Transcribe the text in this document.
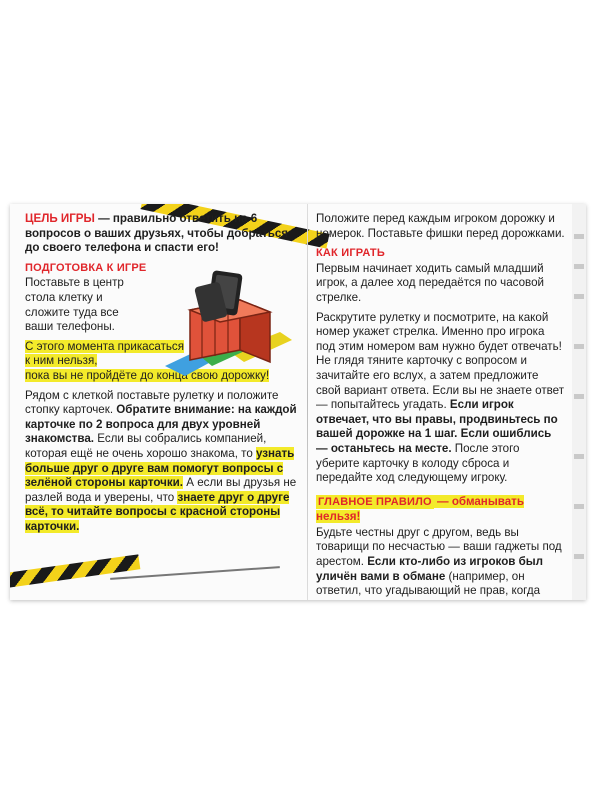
ЦЕЛЬ ИГРЫ — правильно ответить на 6 вопросов о ваших друзьях, чтобы добраться до своего телефона и спасти его!

ПОДГОТОВКА К ИГРЕ

Поставьте в центр стола клетку и сложите туда все ваши телефоны.

С этого момента прикасаться
к ним нельзя,
пока вы не пройдёте до конца свою дорожку!

Рядом с клеткой поставьте рулетку и положите стопку карточек. Обратите внимание: на каждой карточке по 2 вопроса для двух уровней знакомства. Если вы собрались компанией, которая ещё не очень хорошо знакома, то узнать больше друг о друге вам помогут вопросы с зелёной стороны карточки. А если вы друзья не разлей вода и уверены, что знаете друг о друге всё, то читайте вопросы с красной стороны карточки.

Положите перед каждым игроком дорожку и номерок. Поставьте фишки перед дорожками.

КАК ИГРАТЬ

Первым начинает ходить самый младший игрок, а далее ход передаётся по часовой стрелке.

Раскрутите рулетку и посмотрите, на какой номер укажет стрелка. Именно про игрока под этим номером вам нужно будет отвечать! Не глядя тяните карточку с вопросом и зачитайте его вслух, а затем предложите свой вариант ответа. Если вы не знаете ответ — попытайтесь угадать. Если игрок отвечает, что вы правы, продвиньтесь по вашей дорожке на 1 шаг. Если ошиблись — останьтесь на месте. После этого уберите карточку в колоду сброса и передайте ход следующему игроку.

ГЛАВНОЕ ПРАВИЛО — обманывать нельзя!

Будьте честны друг с другом, ведь вы товарищи по несчастью — ваши гаджеты под арестом. Если кто-либо из игроков был уличён вами в обмане (например, он ответил, что угадывающий не прав, когда
